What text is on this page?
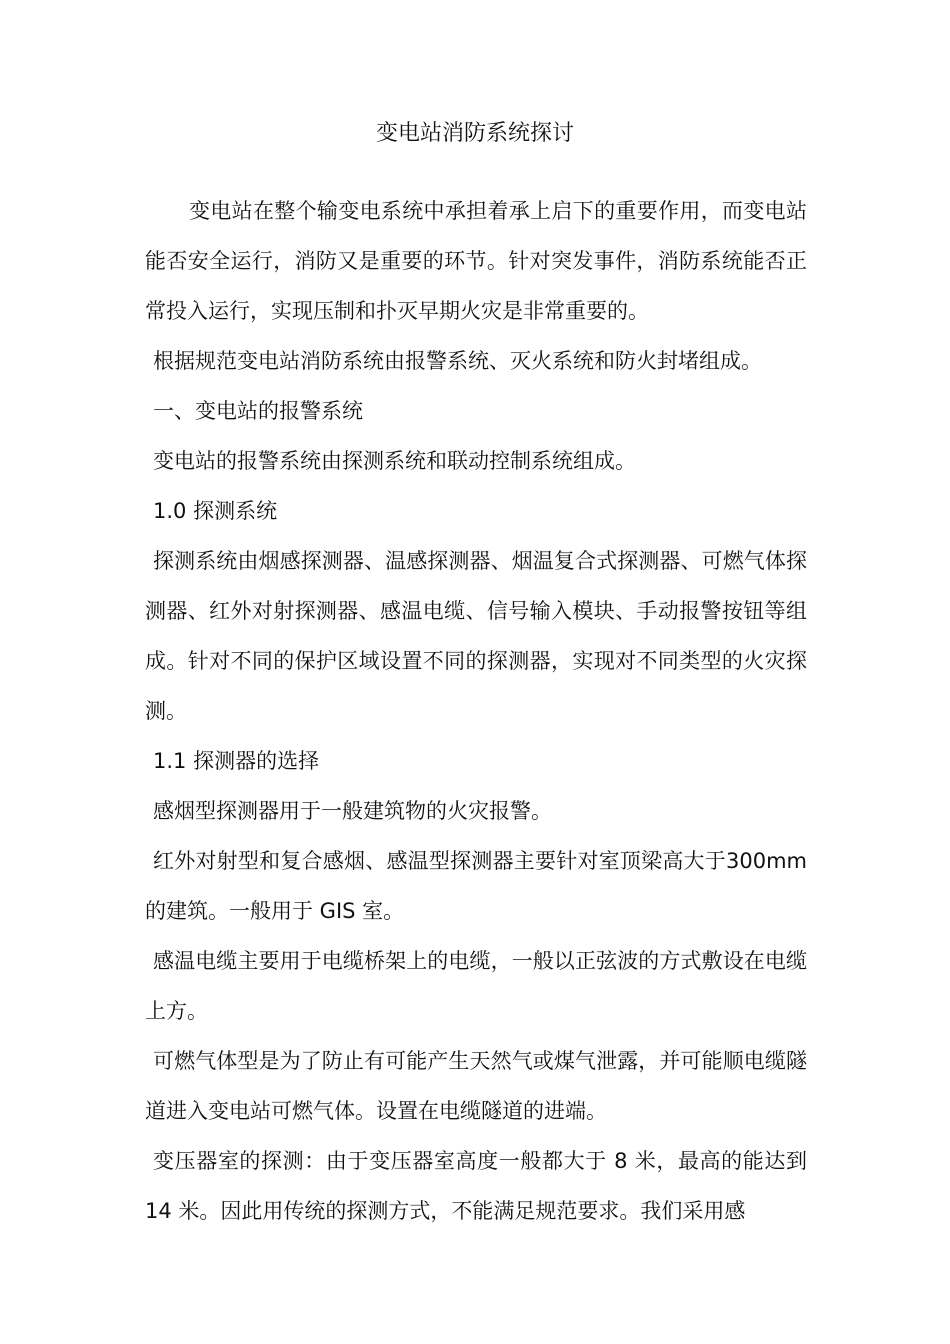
变电站消防系统探讨

变电站在整个输变电系统中承担着承上启下的重要作用，而变电站能否安全运行，消防又是重要的环节。针对突发事件，消防系统能否正常投入运行，实现压制和扑灭早期火灾是非常重要的。

根据规范变电站消防系统由报警系统、灭火系统和防火封堵组成。

一、变电站的报警系统

变电站的报警系统由探测系统和联动控制系统组成。

1.0 探测系统

探测系统由烟感探测器、温感探测器、烟温复合式探测器、可燃气体探测器、红外对射探测器、感温电缆、信号输入模块、手动报警按钮等组成。针对不同的保护区域设置不同的探测器，实现对不同类型的火灾探测。

1.1 探测器的选择

感烟型探测器用于一般建筑物的火灾报警。

红外对射型和复合感烟、感温型探测器主要针对室顶梁高大于300mm 的建筑。一般用于 GIS 室。

感温电缆主要用于电缆桥架上的电缆，一般以正弦波的方式敷设在电缆上方。

可燃气体型是为了防止有可能产生天然气或煤气泄露，并可能顺电缆隧道进入变电站可燃气体。设置在电缆隧道的进端。

变压器室的探测：由于变压器室高度一般都大于 8 米，最高的能达到 14 米。因此用传统的探测方式，不能满足规范要求。我们采用感
